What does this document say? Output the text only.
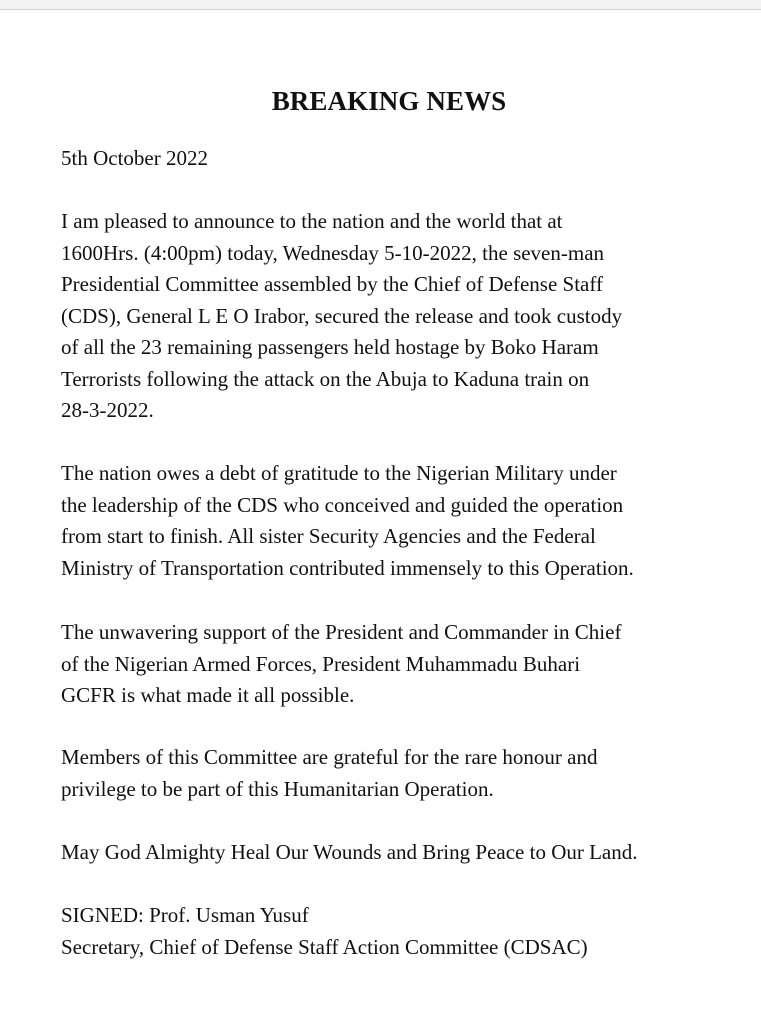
BREAKING NEWS

5th October 2022

I am pleased to announce to the nation and the world that at
1600Hrs. (4:00pm) today, Wednesday 5-10-2022, the seven-man
Presidential Committee assembled by the Chief of Defense Staff
(CDS), General L E O Irabor, secured the release and took custody
of all the 23 remaining passengers held hostage by Boko Haram
Terrorists following the attack on the Abuja to Kaduna train on
28-3-2022.

The nation owes a debt of gratitude to the Nigerian Military under
the leadership of the CDS who conceived and guided the operation
from start to finish. All sister Security Agencies and the Federal
Ministry of Transportation contributed immensely to this Operation.

The unwavering support of the President and Commander in Chief
of the Nigerian Armed Forces, President Muhammadu Buhari
GCFR is what made it all possible.

Members of this Committee are grateful for the rare honour and
privilege to be part of this Humanitarian Operation.

May God Almighty Heal Our Wounds and Bring Peace to Our Land.

SIGNED: Prof. Usman Yusuf
Secretary, Chief of Defense Staff Action Committee (CDSAC)
